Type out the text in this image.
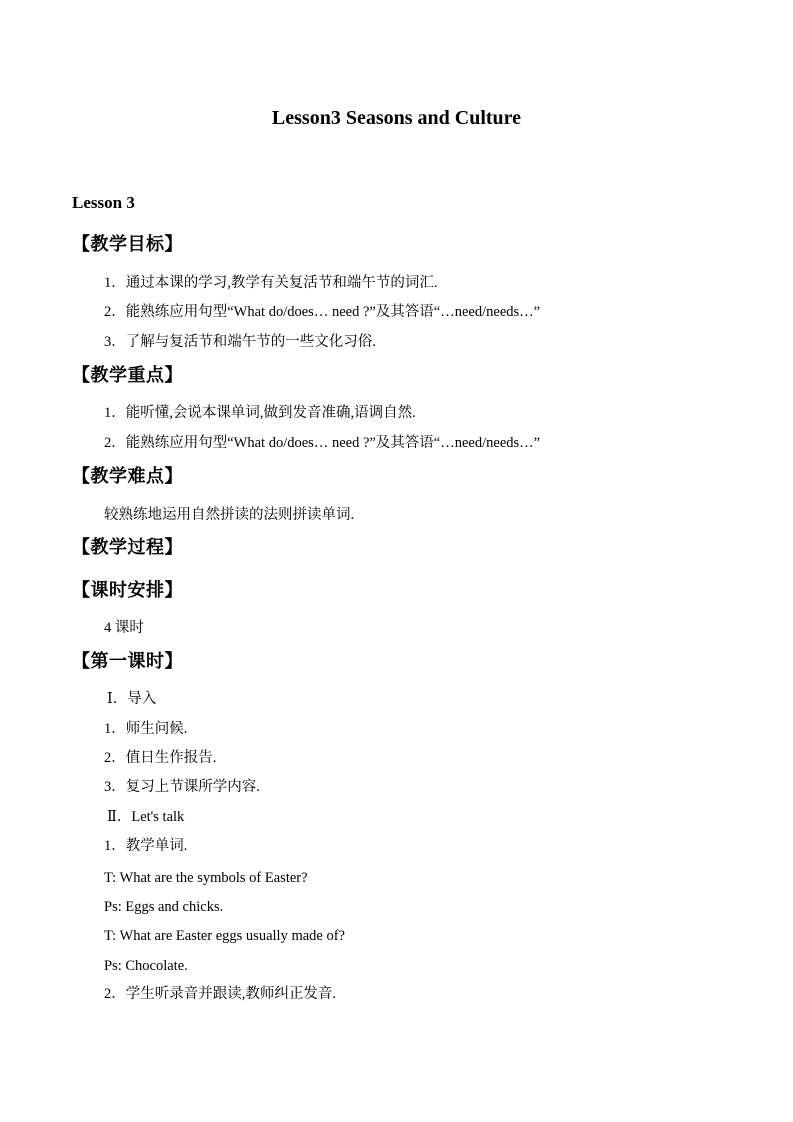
Lesson3 Seasons and Culture
Lesson 3
【教学目标】
1．通过本课的学习,教学有关复活节和端午节的词汇.
2．能熟练应用句型“What do/does… need ?”及其答语“…need/needs…”
3．了解与复活节和端午节的一些文化习俗.
【教学重点】
1．能听懂,会说本课单词,做到发音准确,语调自然.
2．能熟练应用句型“What do/does… need ?”及其答语“…need/needs…”
【教学难点】
较熟练地运用自然拼读的法则拼读单词.
【教学过程】
【课时安排】
4 课时
【第一课时】
Ⅰ．导入
1．师生问候.
2．值日生作报告.
3．复习上节课所学内容.
Ⅱ．Let's talk
1．教学单词.
T: What are the symbols of Easter?
Ps: Eggs and chicks.
T: What are Easter eggs usually made of?
Ps: Chocolate.
2．学生听录音并跟读,教师纠正发音.
